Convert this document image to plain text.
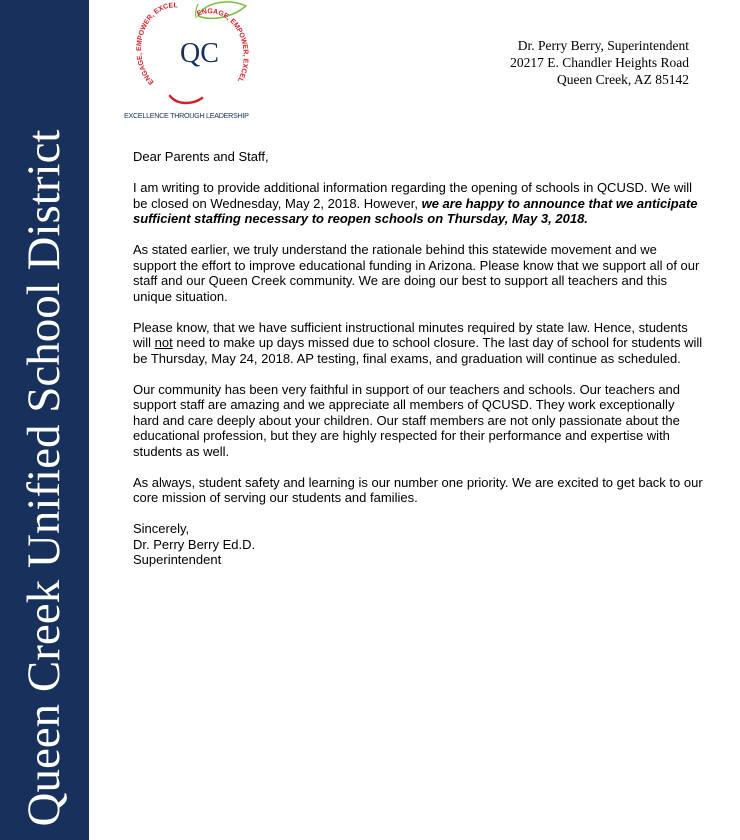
Queen Creek Unified School District
ENGAGE, EMPOWER, EXCEL
ENGAGE, EMPOWER, EXCEL
QC
EXCELLENCE THROUGH LEADERSHIP
Dr. Perry Berry, Superintendent
20217 E. Chandler Heights Road
Queen Creek, AZ 85142

Dear Parents and Staff,

I am writing to provide additional information regarding the opening of schools in QCUSD. We will be closed on Wednesday, May 2, 2018. However, we are happy to announce that we anticipate sufficient staffing necessary to reopen schools on Thursday, May 3, 2018.

As stated earlier, we truly understand the rationale behind this statewide movement and we support the effort to improve educational funding in Arizona. Please know that we support all of our staff and our Queen Creek community. We are doing our best to support all teachers and this unique situation.

Please know, that we have sufficient instructional minutes required by state law. Hence, students will not need to make up days missed due to school closure. The last day of school for students will be Thursday, May 24, 2018. AP testing, final exams, and graduation will continue as scheduled.

Our community has been very faithful in support of our teachers and schools. Our teachers and support staff are amazing and we appreciate all members of QCUSD. They work exceptionally hard and care deeply about your children. Our staff members are not only passionate about the educational profession, but they are highly respected for their performance and expertise with students as well.

As always, student safety and learning is our number one priority. We are excited to get back to our core mission of serving our students and families.

Sincerely,
Dr. Perry Berry Ed.D.
Superintendent
